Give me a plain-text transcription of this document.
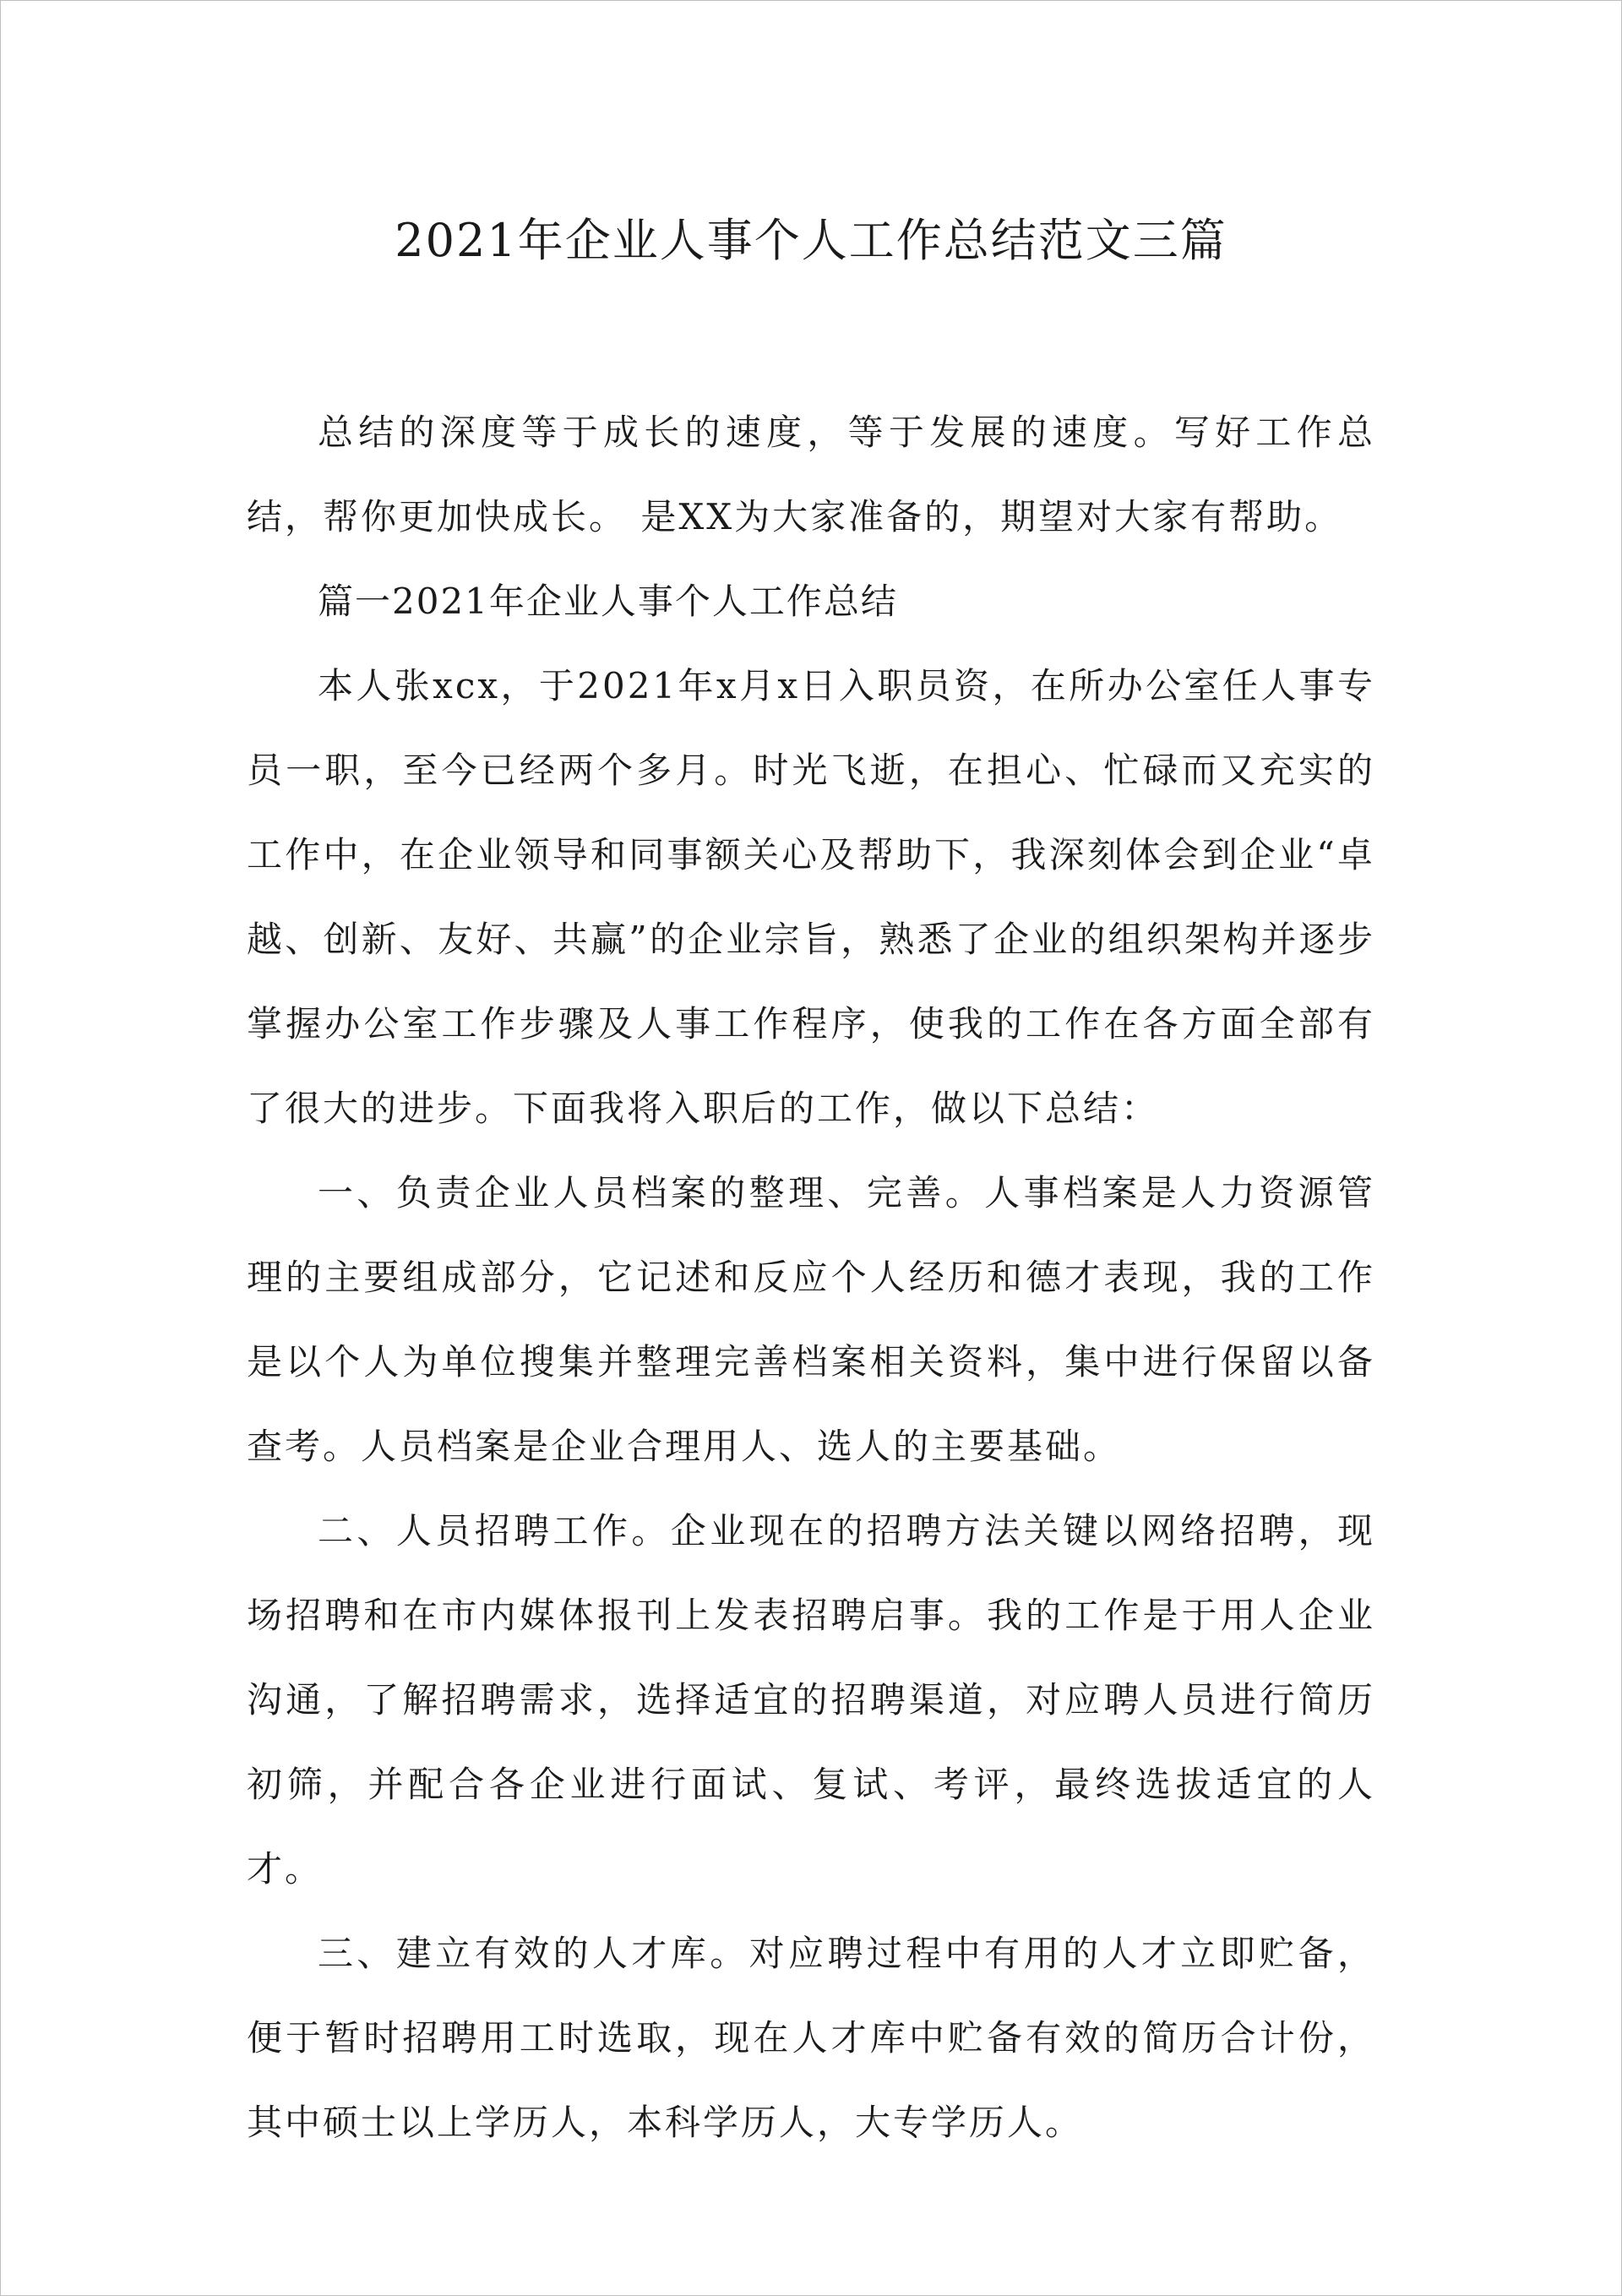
2021年企业人事个人工作总结范文三篇

总结的深度等于成长的速度，等于发展的速度。写好工作总结，帮你更加快成长。 是XX为大家准备的，期望对大家有帮助。

篇一2021年企业人事个人工作总结

本人张xcx，于2021年x月x日入职员资，在所办公室任人事专员一职，至今已经两个多月。时光飞逝，在担心、忙碌而又充实的工作中，在企业领导和同事额关心及帮助下，我深刻体会到企业“卓越、创新、友好、共赢”的企业宗旨，熟悉了企业的组织架构并逐步掌握办公室工作步骤及人事工作程序，使我的工作在各方面全部有了很大的进步。下面我将入职后的工作，做以下总结：

一、负责企业人员档案的整理、完善。人事档案是人力资源管理的主要组成部分，它记述和反应个人经历和德才表现，我的工作是以个人为单位搜集并整理完善档案相关资料，集中进行保留以备查考。人员档案是企业合理用人、选人的主要基础。

二、人员招聘工作。企业现在的招聘方法关键以网络招聘，现场招聘和在市内媒体报刊上发表招聘启事。我的工作是于用人企业沟通，了解招聘需求，选择适宜的招聘渠道，对应聘人员进行简历初筛，并配合各企业进行面试、复试、考评，最终选拔适宜的人才。

三、建立有效的人才库。对应聘过程中有用的人才立即贮备，便于暂时招聘用工时选取，现在人才库中贮备有效的简历合计份，其中硕士以上学历人，本科学历人，大专学历人。
